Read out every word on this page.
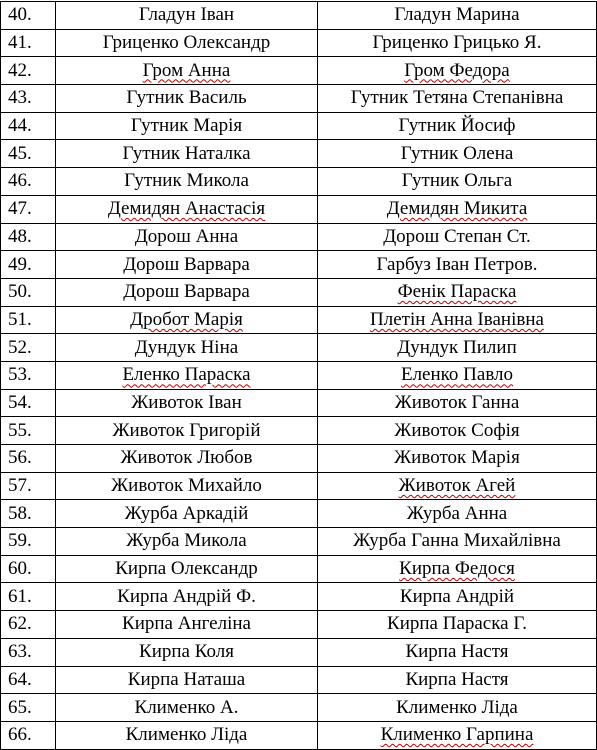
40.	Гладун Іван	Гладун Марина
41.	Гриценко Олександр	Гриценко Грицько Я.
42.	Гром Анна	Гром Федора
43.	Гутник Василь	Гутник Тетяна Степанівна
44.	Гутник Марія	Гутник Йосиф
45.	Гутник Наталка	Гутник Олена
46.	Гутник Микола	Гутник Ольга
47.	Демидян Анастасія	Демидян Микита
48.	Дорош Анна	Дорош Степан Ст.
49.	Дорош Варвара	Гарбуз Іван Петров.
50.	Дорош Варвара	Фенік Параска
51.	Дробот Марія	Плетін Анна Іванівна
52.	Дундук Ніна	Дундук Пилип
53.	Еленко Параска	Еленко Павло
54.	Животок Іван	Животок Ганна
55.	Животок Григорій	Животок Софія
56.	Животок Любов	Животок Марія
57.	Животок Михайло	Животок Агей
58.	Журба Аркадій	Журба Анна
59.	Журба Микола	Журба Ганна Михайлівна
60.	Кирпа Олександр	Кирпа Федося
61.	Кирпа Андрій Ф.	Кирпа Андрій
62.	Кирпа Ангеліна	Кирпа Параска Г.
63.	Кирпа Коля	Кирпа Настя
64.	Кирпа Наташа	Кирпа Настя
65.	Клименко А.	Клименко Ліда
66.	Клименко Ліда	Клименко Гарпина
